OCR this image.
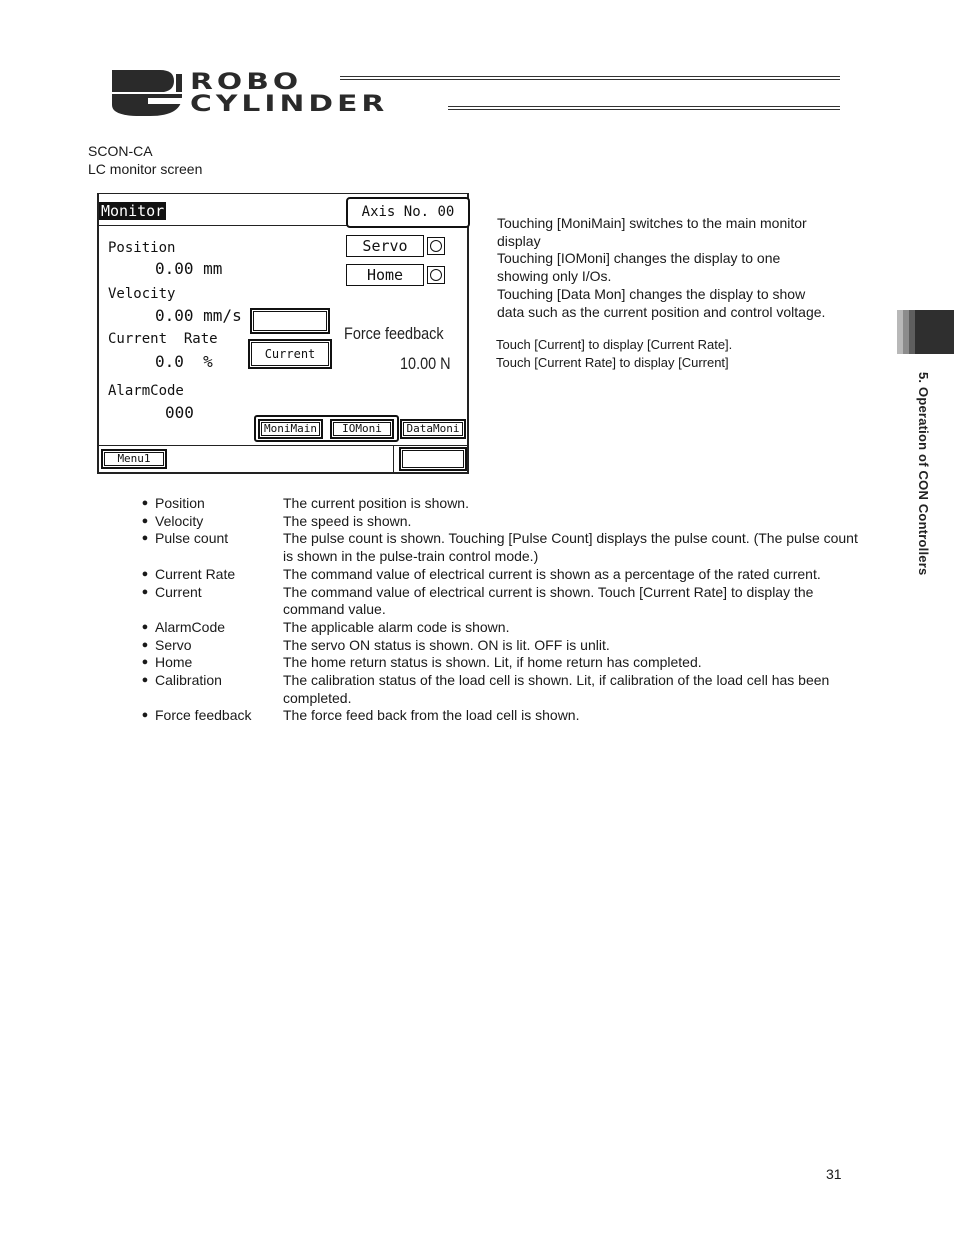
ROBO
CYLINDER
SCON-CA
LC monitor screen
Monitor	Axis No. 00
Servo
Home
Position
0.00 mm
Velocity
0.00 mm/s
Current  Rate
0.0  %
AlarmCode
000
Current
Force feedback
10.00 N
MoniMain	IOMoni	DataMoni
Menu1
Touching [MoniMain] switches to the main monitor
display
Touching [IOMoni] changes the display to one
showing only I/Os.
Touching [Data Mon] changes the display to show
data such as the current position and control voltage.
Touch [Current] to display [Current Rate].
Touch [Current Rate] to display [Current]
● Position	The current position is shown.
● Velocity	The speed is shown.
● Pulse count	The pulse count is shown. Touching [Pulse Count] displays the pulse count. (The pulse count is shown in the pulse-train control mode.)
● Current Rate	The command value of electrical current is shown as a percentage of the rated current.
● Current	The command value of electrical current is shown. Touch [Current Rate] to display the command value.
● AlarmCode	The applicable alarm code is shown.
● Servo	The servo ON status is shown. ON is lit. OFF is unlit.
● Home	The home return status is shown. Lit, if home return has completed.
● Calibration	The calibration status of the load cell is shown. Lit, if calibration of the load cell has been completed.
● Force feedback	The force feed back from the load cell is shown.
5. Operation of CON Controllers
31
